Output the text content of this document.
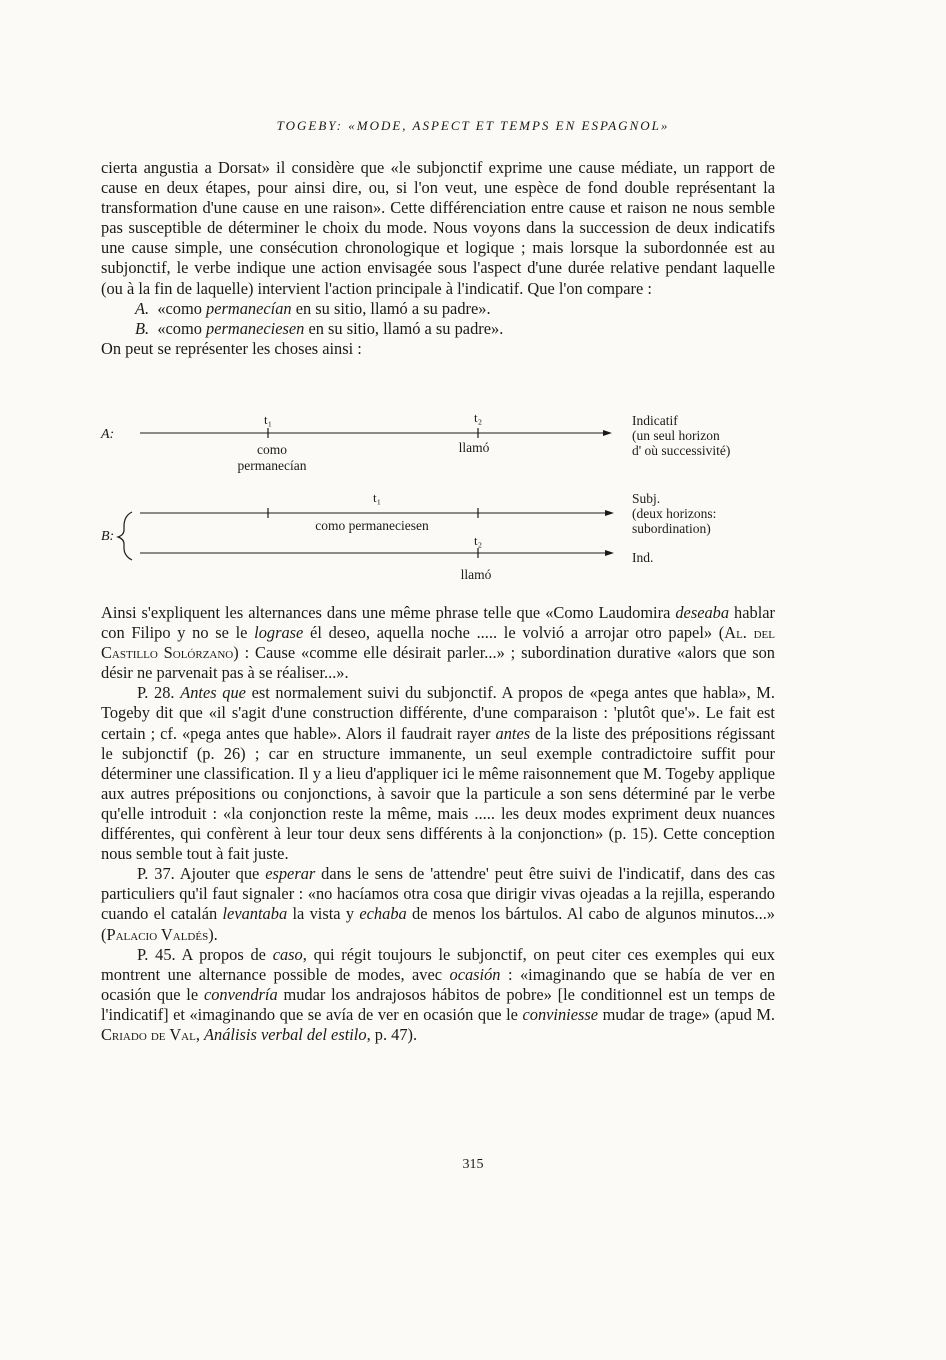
TOGEBY: «MODE, ASPECT ET TEMPS EN ESPAGNOL»

cierta angustia a Dorsat» il considère que «le subjonctif exprime une cause médiate, un rapport de cause en deux étapes, pour ainsi dire, ou, si l'on veut, une espèce de fond double représentant la transformation d'une cause en une raison». Cette différenciation entre cause et raison ne nous semble pas susceptible de déterminer le choix du mode. Nous voyons dans la succession de deux indicatifs une cause simple, une consécution chronologique et logique ; mais lorsque la subordonnée est au subjonctif, le verbe indique une action envisagée sous l'aspect d'une durée relative pendant laquelle (ou à la fin de laquelle) intervient l'action principale à l'indicatif. Que l'on compare :

A. «como permanecían en su sitio, llamó a su padre».

B. «como permaneciesen en su sitio, llamó a su padre».

On peut se représenter les choses ainsi :

A:
t₁	t₂
como
permanecían
llamó
Indicatif
(un seul horizon
d' où successivité)
B:
t₁
como permaneciesen
t₂
llamó
Subj.
(deux horizons:
subordination)
Ind.

Ainsi s'expliquent les alternances dans une même phrase telle que «Como Laudomira deseaba hablar con Filipo y no se le lograse él deseo, aquella noche ..... le volvió a arrojar otro papel» (Al. del Castillo Solórzano) : Cause «comme elle désirait parler...» ; subordination durative «alors que son désir ne parvenait pas à se réaliser...».

P. 28. Antes que est normalement suivi du subjonctif. A propos de «pega antes que habla», M. Togeby dit que «il s'agit d'une construction différente, d'une comparaison : 'plutôt que'». Le fait est certain ; cf. «pega antes que hable». Alors il faudrait rayer antes de la liste des prépositions régissant le subjonctif (p. 26) ; car en structure immanente, un seul exemple contradictoire suffit pour déterminer une classification. Il y a lieu d'appliquer ici le même raisonnement que M. Togeby applique aux autres prépositions ou conjonctions, à savoir que la particule a son sens déterminé par le verbe qu'elle introduit : «la conjonction reste la même, mais ..... les deux modes expriment deux nuances différentes, qui confèrent à leur tour deux sens différents à la conjonction» (p. 15). Cette conception nous semble tout à fait juste.

P. 37. Ajouter que esperar dans le sens de 'attendre' peut être suivi de l'indicatif, dans des cas particuliers qu'il faut signaler : «no hacíamos otra cosa que dirigir vivas ojeadas a la rejilla, esperando cuando el catalán levantaba la vista y echaba de menos los bártulos. Al cabo de algunos minutos...» (Palacio Valdés).

P. 45. A propos de caso, qui régit toujours le subjonctif, on peut citer ces exemples qui eux montrent une alternance possible de modes, avec ocasión : «imaginando que se había de ver en ocasión que le convendría mudar los andrajosos hábitos de pobre» [le conditionnel est un temps de l'indicatif] et «imaginando que se avía de ver en ocasión que le conviniesse mudar de trage» (apud M. Criado de Val, Análisis verbal del estilo, p. 47).

315
